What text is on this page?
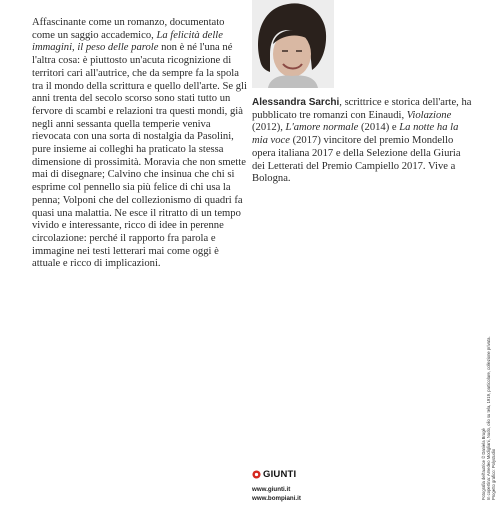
Affascinante come un romanzo, documentato come un saggio accademico, La felicità delle immagini, il peso delle parole non è né l'una né l'altra cosa: è piuttosto un'acuta ricognizione di territori cari all'autrice, che da sempre fa la spola tra il mondo della scrittura e quello dell'arte. Se gli anni trenta del secolo scorso sono stati tutto un fervore di scambi e relazioni tra questi mondi, già negli anni sessanta quella temperie veniva rievocata con una sorta di nostalgia da Pasolini, pure insieme ai colleghi ha praticato la stessa dimensione di prossimità. Moravia che non smette mai di disegnare; Calvino che insinua che chi si esprime col pennello sia più felice di chi usa la penna; Volponi che del collezionismo di quadri fa quasi una malattia. Ne esce il ritratto di un tempo vivido e interessante, ricco di idee in perenne circolazione: perché il rapporto fra parola e immagine nei testi letterari mai come oggi è attuale e ricco di implicazioni.

Alessandra Sarchi, scrittrice e storica dell'arte, ha pubblicato tre romanzi con Einaudi, Violazione (2012), L'amore normale (2014) e La notte ha la mia voce (2017) vincitore del premio Mondello opera italiana 2017 e della Selezione della Giuria dei Letterati del Premio Campiello 2017. Vive a Bologna.

Fotografia dell'autrice © Daniela Brugè In copertina: Amedeo Modigliani, Nudo, olio su tela, 1919, particolare, collezione privata. Progetto grafico: Polystudio
GIUNTI
www.giunti.it
www.bompiani.it
